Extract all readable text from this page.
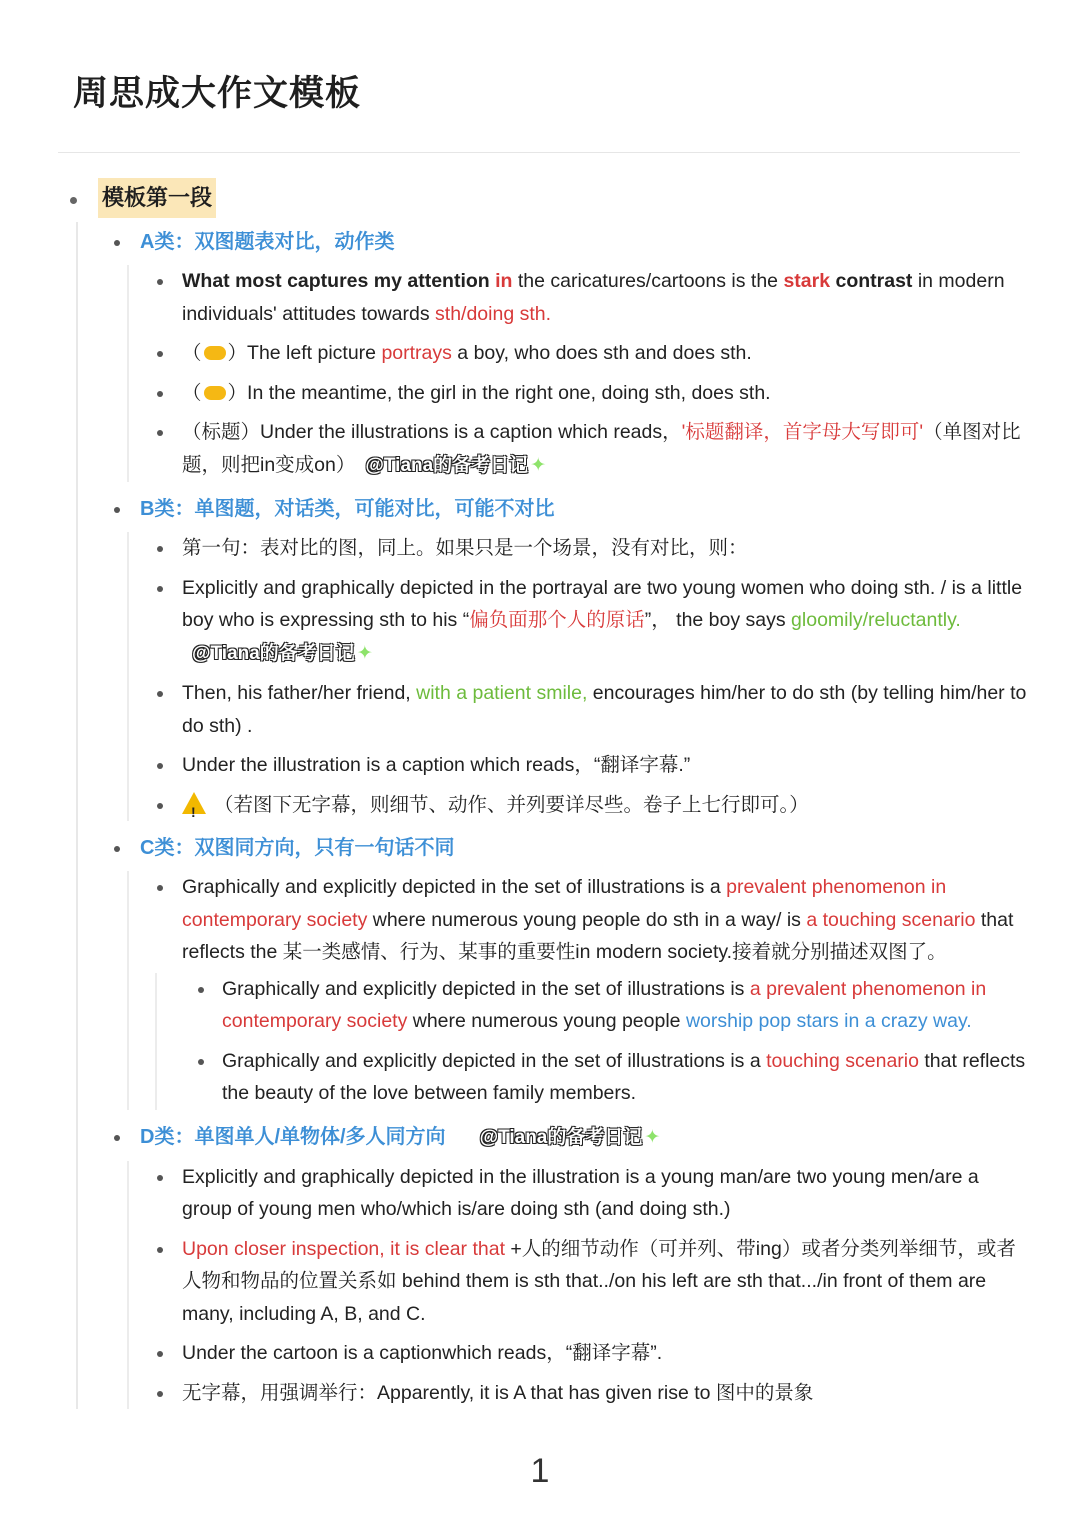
周思成大作文模板
模板第一段
A类：双图题表对比，动作类
What most captures my attention in the caricatures/cartoons is the stark contrast in modern individuals' attitudes towards sth/doing sth.
（ ）The left picture portrays a boy, who does sth and does sth.
（ ）In the meantime, the girl in the right one, doing sth, does sth.
（标题）Under the illustrations is a caption which reads，'标题翻译，首字母大写即可'（单图对比题，则把in变成on） @Tiana的备考日记 ✦
B类：单图题，对话类，可能对比，可能不对比
第一句：表对比的图，同上。如果只是一个场景，没有对比，则：
Explicitly and graphically depicted in the portrayal are two young women who doing sth. / is a little boy who is expressing sth to his “偏负面那个人的原话”， the boy says gloomily/reluctantly.@Tiana的备考日记 ✦
Then, his father/her friend, with a patient smile, encourages him/her to do sth (by telling him/her to do sth) .
Under the illustration is a caption which reads，“翻译字幕.”
!（若图下无字幕，则细节、动作、并列要详尽些。卷子上七行即可。）
C类：双图同方向，只有一句话不同
Graphically and explicitly depicted in the set of illustrations is a prevalent phenomenon in contemporary society where numerous young people do sth in a way/ is a touching scenario that reflects the 某一类感情、行为、某事的重要性in modern society.接着就分别描述双图了。
Graphically and explicitly depicted in the set of illustrations is a prevalent phenomenon in contemporary society where numerous young people worship pop stars in a crazy way.
Graphically and explicitly depicted in the set of illustrations is a touching scenario that reflects the beauty of the love between family members.
D类：单图单人/单物体/多人同方向 @Tiana的备考日记 ✦
Explicitly and graphically depicted in the illustration is a young man/are two young men/are a group of young men who/which is/are doing sth (and doing sth.)
Upon closer inspection, it is clear that +人的细节动作（可并列、带ing）或者分类列举细节，或者人物和物品的位置关系如 behind them is sth that../on his left are sth that.../in front of them are many, including A, B, and C.
Under the cartoon is a captionwhich reads，“翻译字幕”.
无字幕，用强调举行：Apparently, it is A that has given rise to 图中的景象
1
